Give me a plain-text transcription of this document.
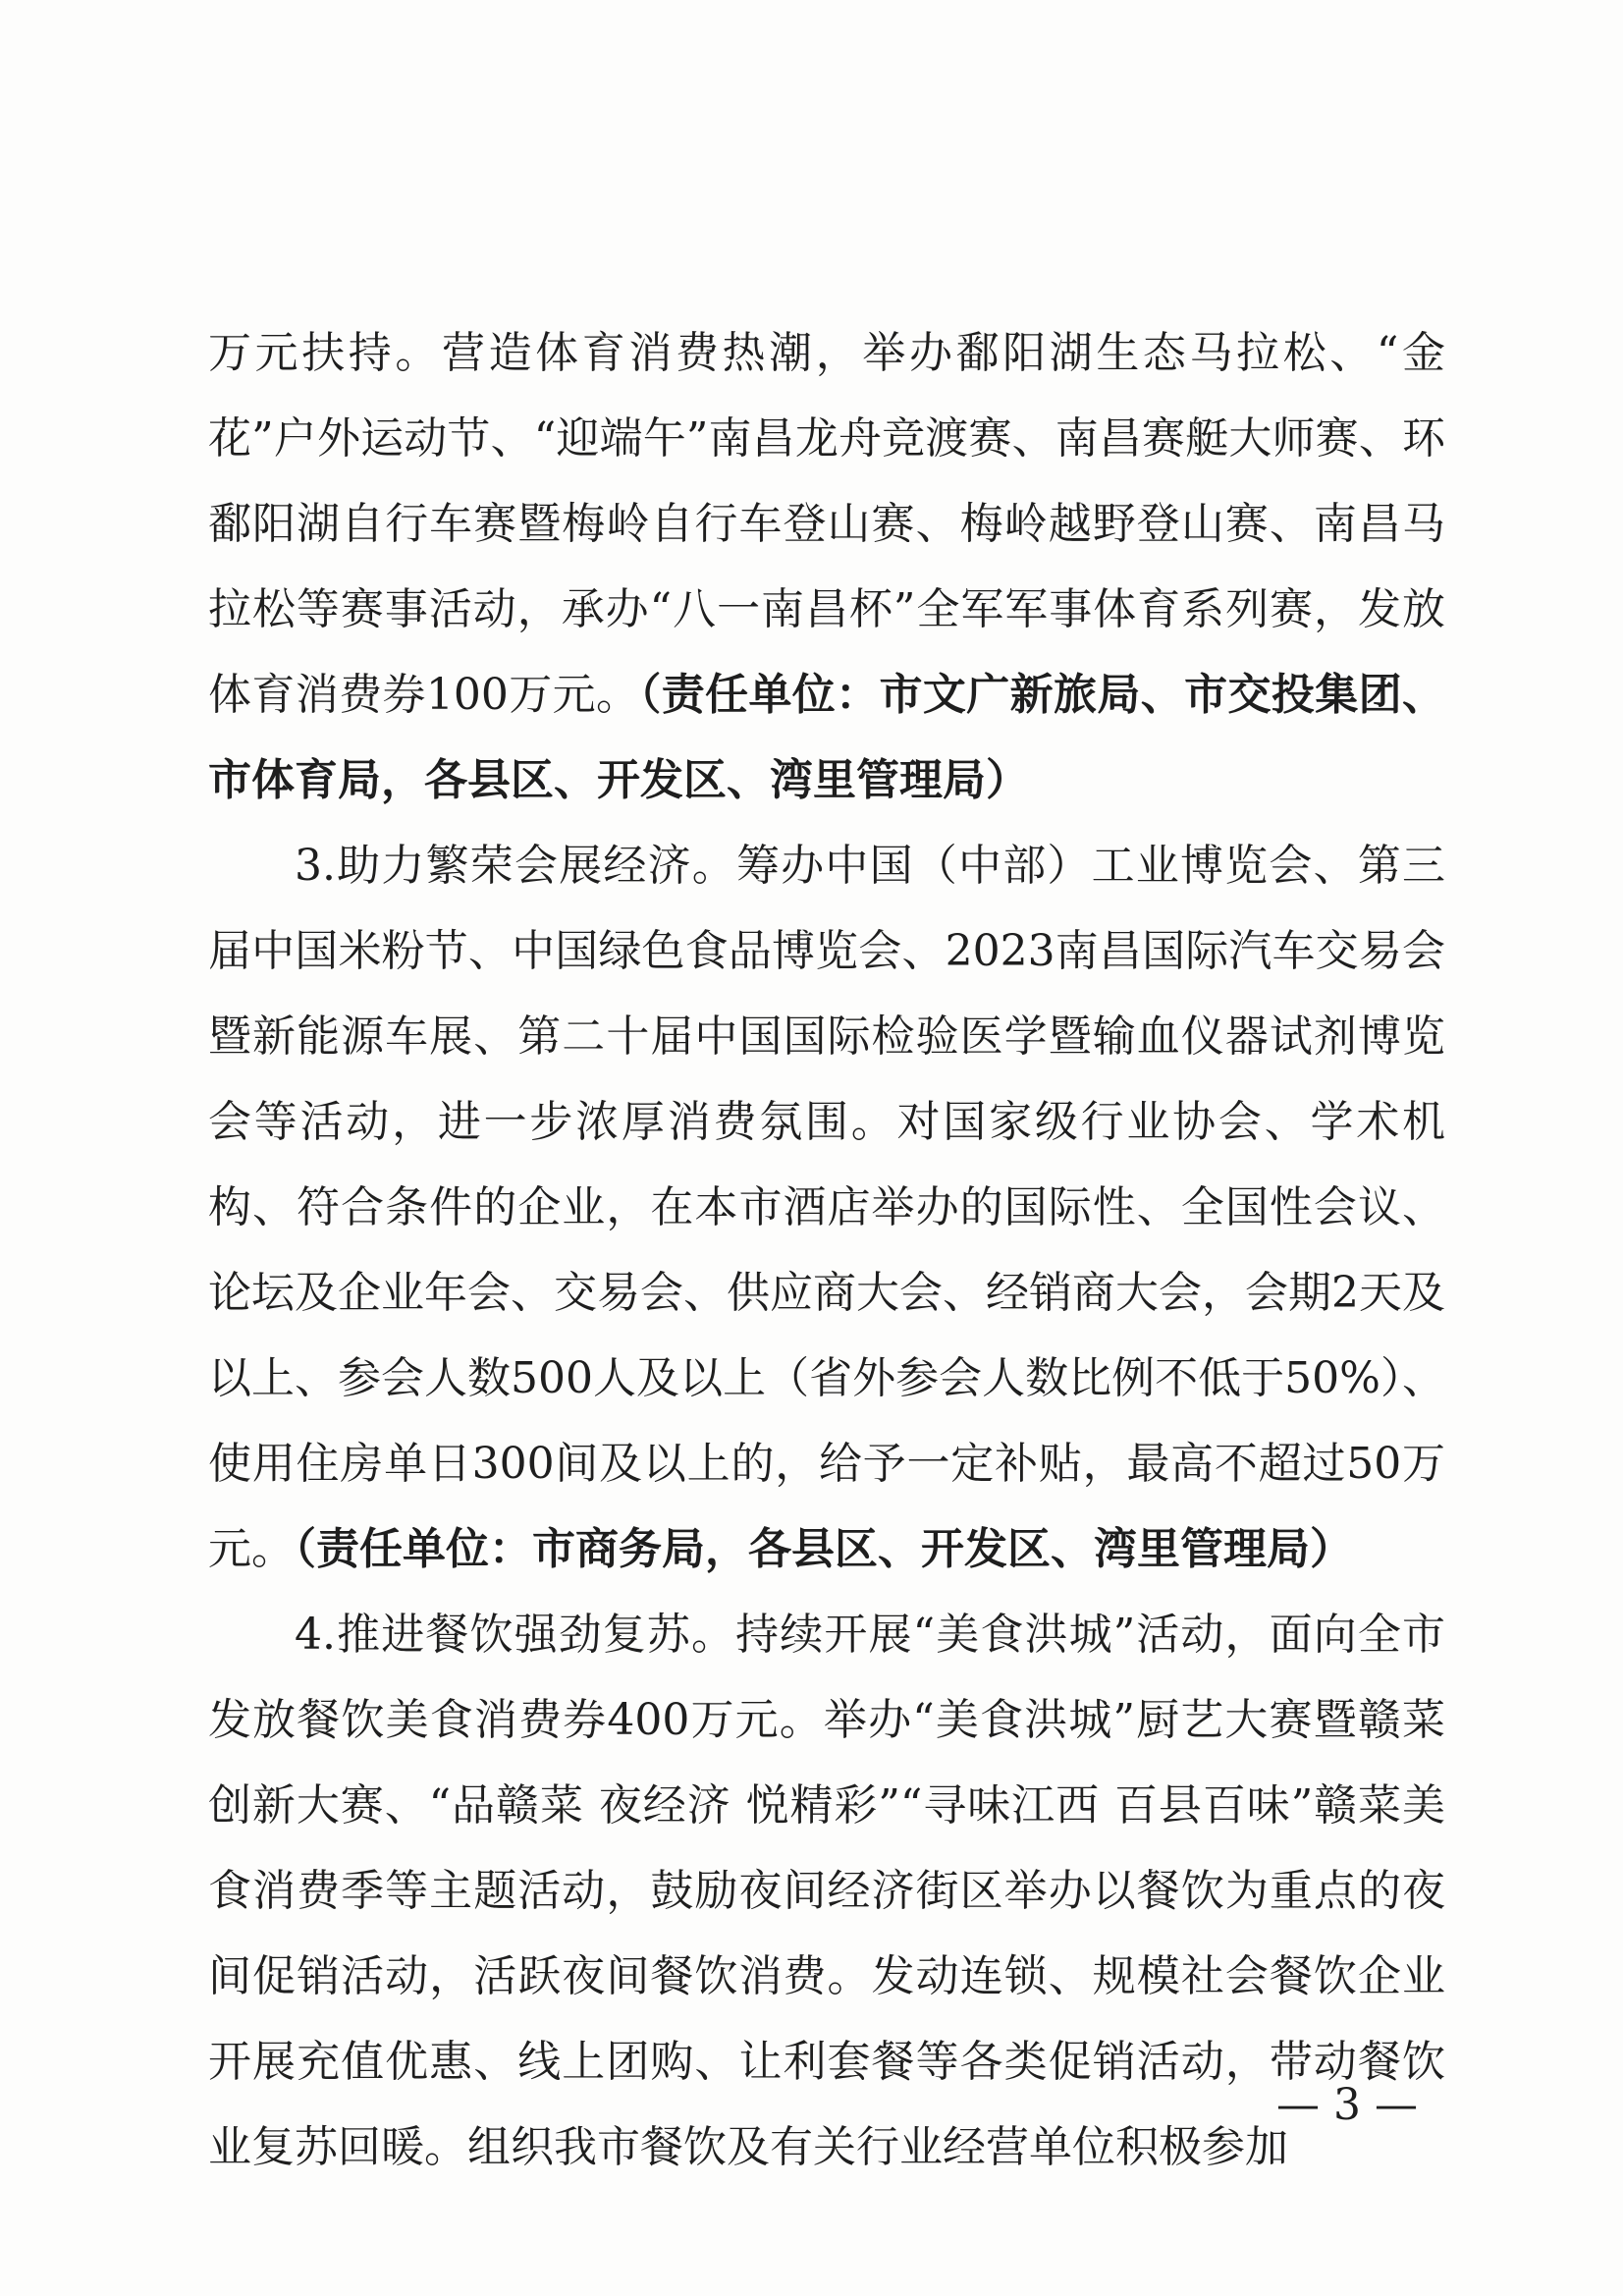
万元扶持。营造体育消费热潮，举办鄱阳湖生态马拉松、“金花”户外运动节、“迎端午”南昌龙舟竞渡赛、南昌赛艇大师赛、环鄱阳湖自行车赛暨梅岭自行车登山赛、梅岭越野登山赛、南昌马拉松等赛事活动，承办“八一南昌杯”全军军事体育系列赛，发放体育消费券100万元。（责任单位：市文广新旅局、市交投集团、市体育局，各县区、开发区、湾里管理局）

3.助力繁荣会展经济。筹办中国（中部）工业博览会、第三届中国米粉节、中国绿色食品博览会、2023南昌国际汽车交易会暨新能源车展、第二十届中国国际检验医学暨输血仪器试剂博览会等活动，进一步浓厚消费氛围。对国家级行业协会、学术机构、符合条件的企业，在本市酒店举办的国际性、全国性会议、论坛及企业年会、交易会、供应商大会、经销商大会，会期2天及以上、参会人数500人及以上（省外参会人数比例不低于50%）、使用住房单日300间及以上的，给予一定补贴，最高不超过50万元。（责任单位：市商务局，各县区、开发区、湾里管理局）

4.推进餐饮强劲复苏。持续开展“美食洪城”活动，面向全市发放餐饮美食消费券400万元。举办“美食洪城”厨艺大赛暨赣菜创新大赛、“品赣菜 夜经济 悦精彩”“寻味江西 百县百味”赣菜美食消费季等主题活动，鼓励夜间经济街区举办以餐饮为重点的夜间促销活动，活跃夜间餐饮消费。发动连锁、规模社会餐饮企业开展充值优惠、线上团购、让利套餐等各类促销活动，带动餐饮业复苏回暖。组织我市餐饮及有关行业经营单位积极参加

— 3 —
